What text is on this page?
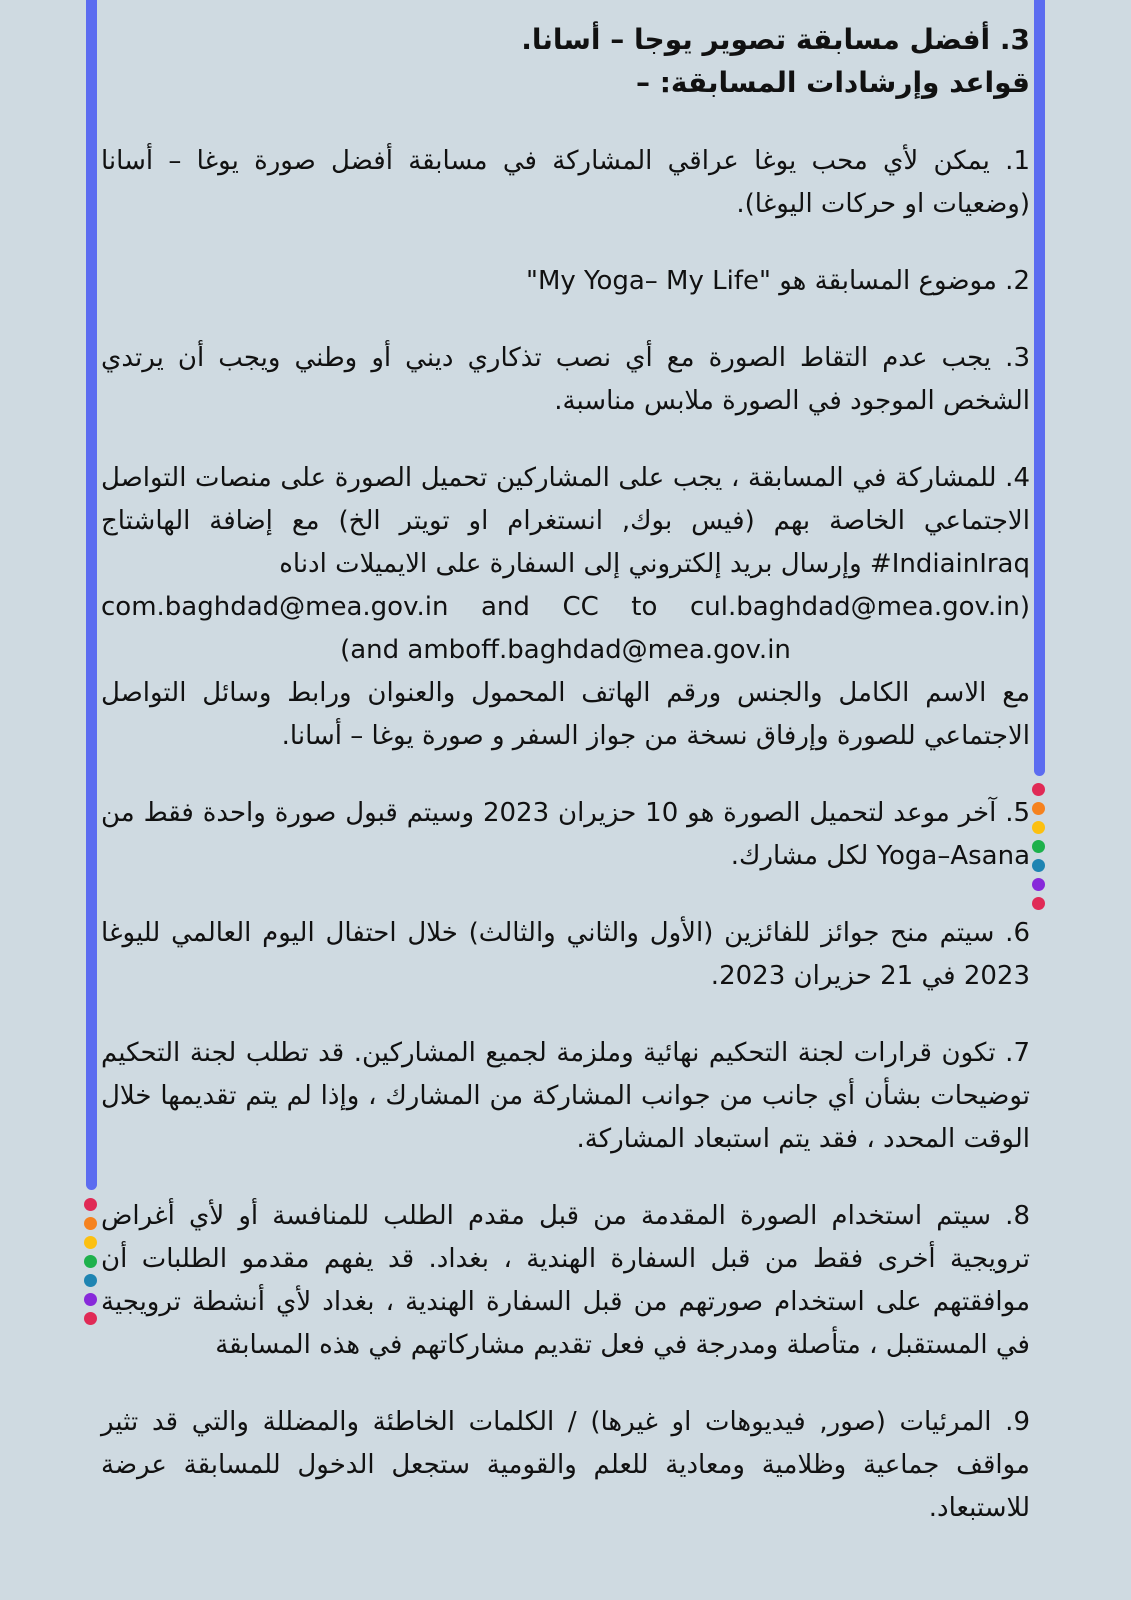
3. أفضل مسابقة تصوير يوجا – أسانا.
قواعد وإرشادات المسابقة: –

1. يمكن لأي محب يوغا عراقي المشاركة في مسابقة أفضل صورة يوغا – أسانا (وضعيات او حركات اليوغا).

2. موضوع المسابقة هو "My Yoga– My Life"

3. يجب عدم التقاط الصورة مع أي نصب تذكاري ديني أو وطني ويجب أن يرتدي الشخص الموجود في الصورة ملابس مناسبة.

4. للمشاركة في المسابقة ، يجب على المشاركين تحميل الصورة على منصات التواصل الاجتماعي الخاصة بهم (فيس بوك, انستغرام او تويتر الخ) مع إضافة الهاشتاج ‎#IndiainIraq وإرسال بريد إلكتروني إلى السفارة على الايميلات ادناه

com.baghdad@mea.gov.in and CC to cul.baghdad@mea.gov.in)

(and amboff.baghdad@mea.gov.in

مع الاسم الكامل والجنس ورقم الهاتف المحمول والعنوان ورابط وسائل التواصل الاجتماعي للصورة وإرفاق نسخة من جواز السفر و صورة يوغا – أسانا.

5. آخر موعد لتحميل الصورة هو 10 حزيران 2023 وسيتم قبول صورة واحدة فقط من Yoga–Asana لكل مشارك.

6. سيتم منح جوائز للفائزين (الأول والثاني والثالث) خلال احتفال اليوم العالمي لليوغا 2023 في 21 حزيران 2023.

7. تكون قرارات لجنة التحكيم نهائية وملزمة لجميع المشاركين. قد تطلب لجنة التحكيم توضيحات بشأن أي جانب من جوانب المشاركة من المشارك ، وإذا لم يتم تقديمها خلال الوقت المحدد ، فقد يتم استبعاد المشاركة.

8. سيتم استخدام الصورة المقدمة من قبل مقدم الطلب للمنافسة أو لأي أغراض ترويجية أخرى فقط من قبل السفارة الهندية ، بغداد. قد يفهم مقدمو الطلبات أن موافقتهم على استخدام صورتهم من قبل السفارة الهندية ، بغداد لأي أنشطة ترويجية في المستقبل ، متأصلة ومدرجة في فعل تقديم مشاركاتهم في هذه المسابقة

9. المرئيات (صور, فيديوهات او غيرها) / الكلمات الخاطئة والمضللة والتي قد تثير مواقف جماعية وظلامية ومعادية للعلم والقومية ستجعل الدخول للمسابقة عرضة للاستبعاد.
